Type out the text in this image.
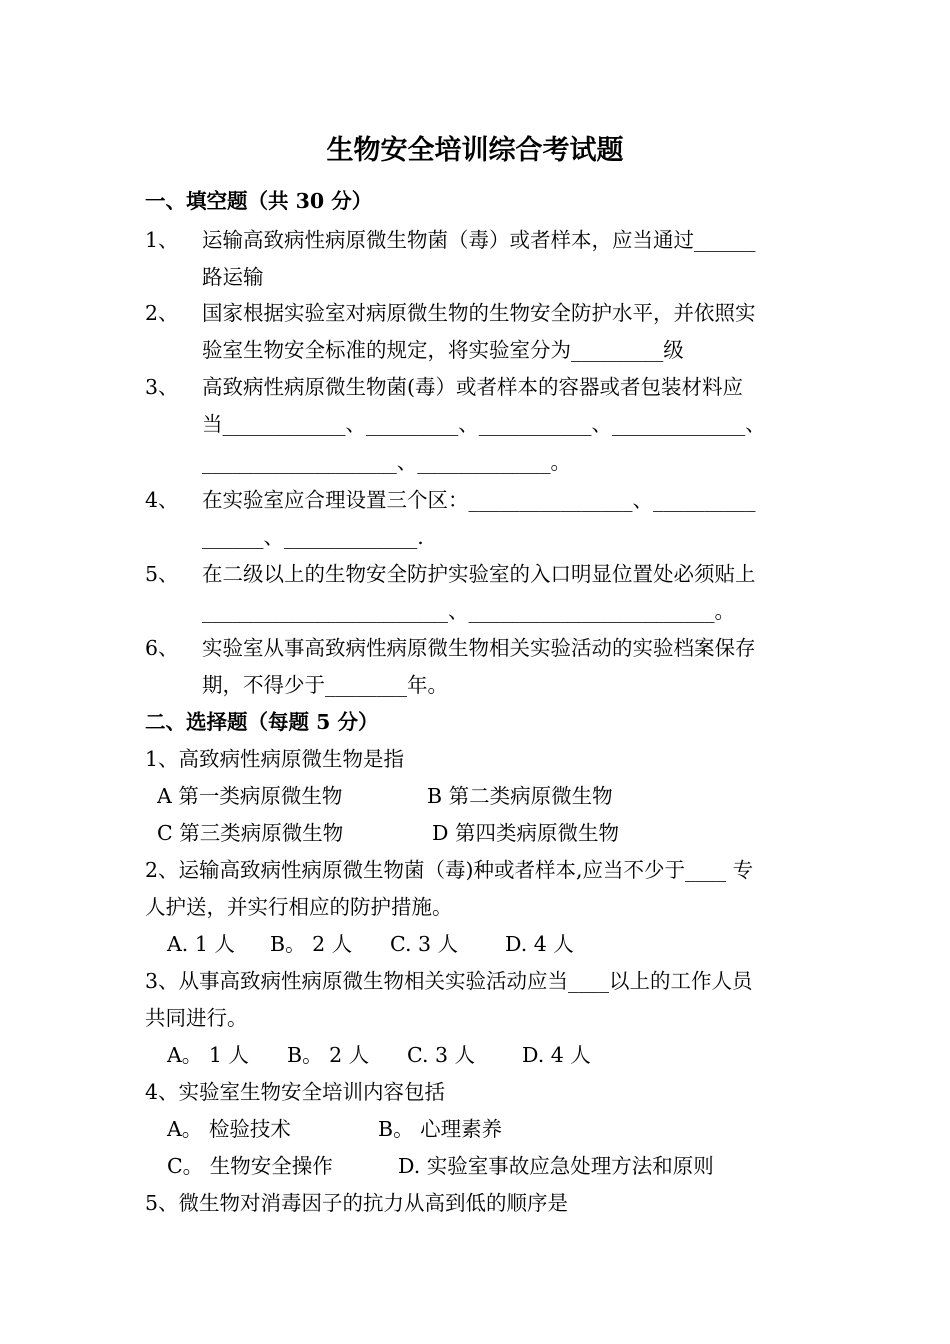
生物安全培训综合考试题
一、填空题（共 30 分）
1、 运输高致病性病原微生物菌（毒）或者样本，应当通过______
路运输
2、 国家根据实验室对病原微生物的生物安全防护水平，并依照实
验室生物安全标准的规定，将实验室分为_________级
3、 高致病性病原微生物菌(毒）或者样本的容器或者包装材料应
当____________、_________、___________、_____________、
___________________、_____________。
4、 在实验室应合理设置三个区：________________、__________
______、_____________.
5、 在二级以上的生物安全防护实验室的入口明显位置处必须贴上
________________________、________________________。
6、 实验室从事高致病性病原微生物相关实验活动的实验档案保存
期，不得少于________年。
二、选择题（每题 5 分）
1、高致病性病原微生物是指
A 第一类病原微生物	B 第二类病原微生物
C 第三类病原微生物	D 第四类病原微生物
2、运输高致病性病原微生物菌（毒)种或者样本,应当不少于____ 专
人护送，并实行相应的防护措施。
A. 1 人 B。 2 人 C. 3 人 D. 4 人
3、从事高致病性病原微生物相关实验活动应当____以上的工作人员
共同进行。
A。 1 人 B。 2 人 C. 3 人 D. 4 人
4、实验室生物安全培训内容包括
A。 检验技术	B。 心理素养
C。 生物安全操作	D. 实验室事故应急处理方法和原则
5、微生物对消毒因子的抗力从高到低的顺序是
